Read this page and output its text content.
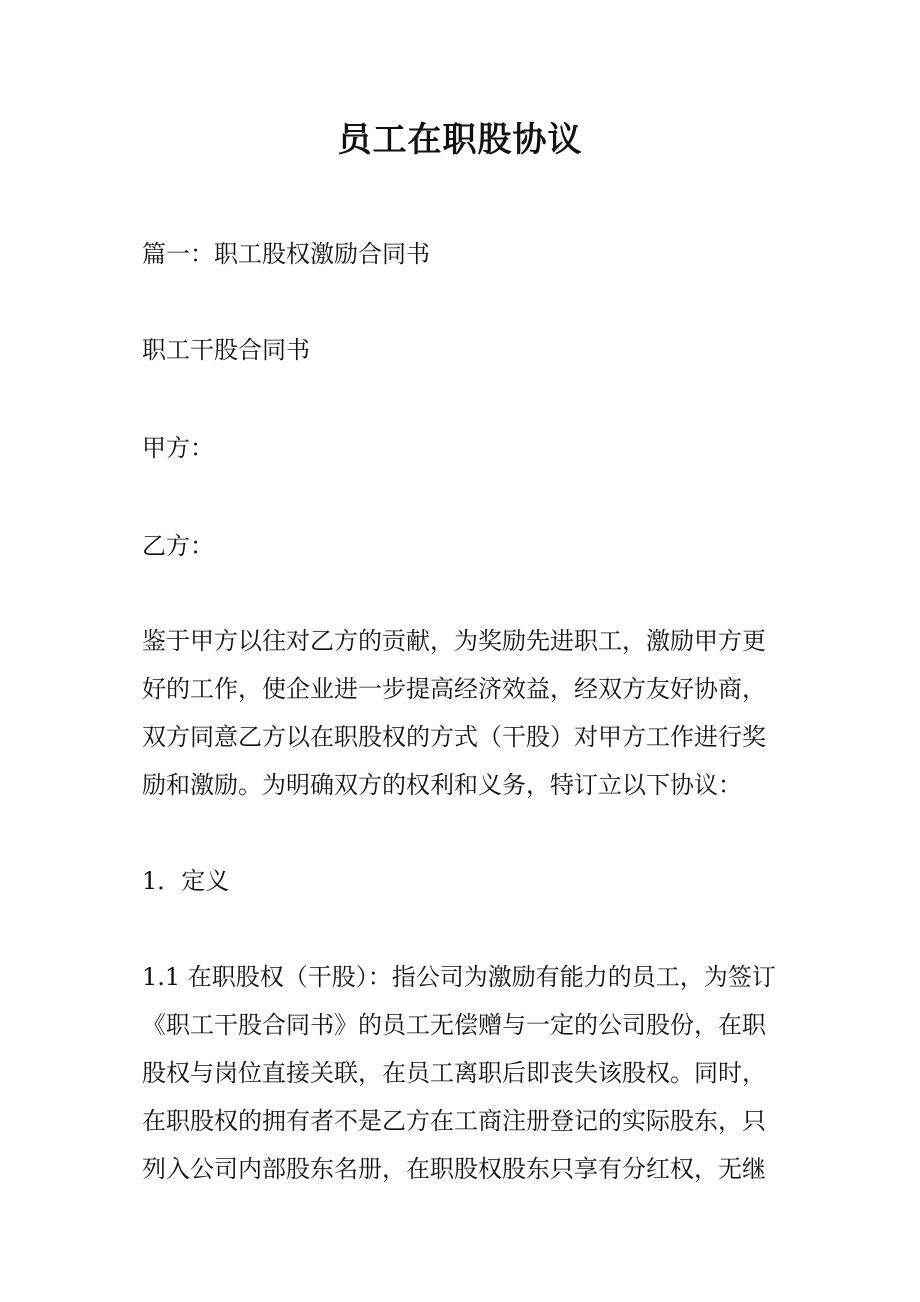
员工在职股协议
篇一：职工股权激励合同书
职工干股合同书
甲方：
乙方：
鉴于甲方以往对乙方的贡献，为奖励先进职工，激励甲方更
好的工作，使企业进一步提高经济效益，经双方友好协商，
双方同意乙方以在职股权的方式（干股）对甲方工作进行奖
励和激励。为明确双方的权利和义务，特订立以下协议：
1．定义
1.1 在职股权（干股）：指公司为激励有能力的员工，为签订
《职工干股合同书》的员工无偿赠与一定的公司股份，在职
股权与岗位直接关联，在员工离职后即丧失该股权。同时，
在职股权的拥有者不是乙方在工商注册登记的实际股东，只
列入公司内部股东名册，在职股权股东只享有分红权，无继
